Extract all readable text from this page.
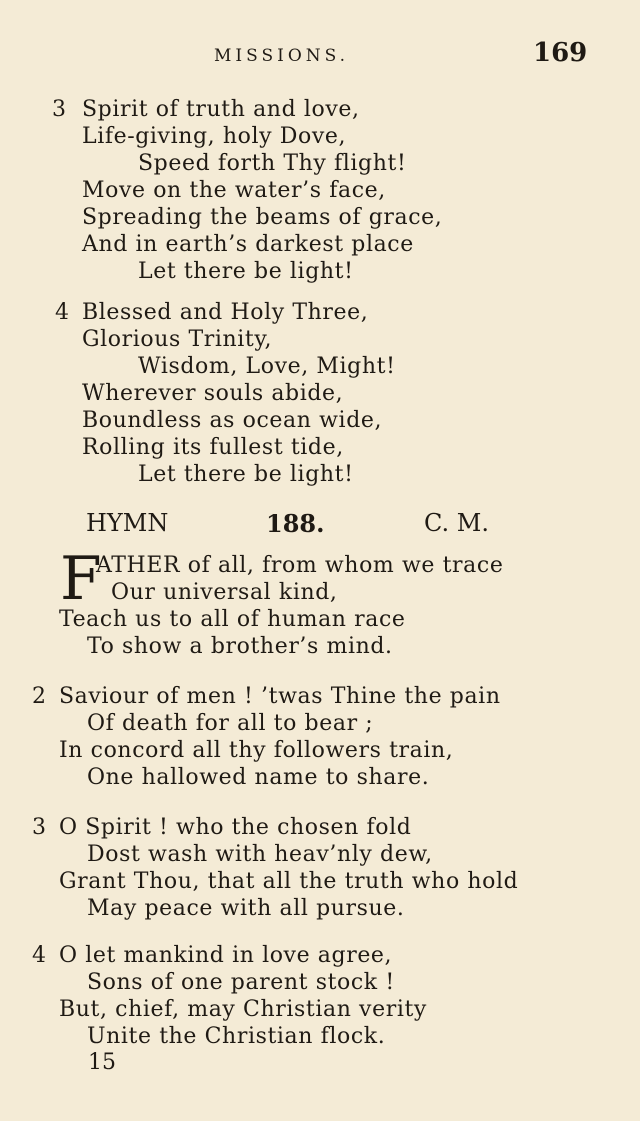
MISSIONS.	169
3 Spirit of truth and love,
Life-giving, holy Dove,
Speed forth Thy flight!
Move on the water’s face,
Spreading the beams of grace,
And in earth’s darkest place
Let there be light!
4 Blessed and Holy Three,
Glorious Trinity,
Wisdom, Love, Might!
Wherever souls abide,
Boundless as ocean wide,
Rolling its fullest tide,
Let there be light!
HYMN	188.	C. M.
F
ATHER of all, from whom we trace
Our universal kind,
Teach us to all of human race
To show a brother’s mind.
2 Saviour of men ! ’twas Thine the pain
Of death for all to bear ;
In concord all thy followers train,
One hallowed name to share.
3 O Spirit ! who the chosen fold
Dost wash with heav’nly dew,
Grant Thou, that all the truth who hold
May peace with all pursue.
4 O let mankind in love agree,
Sons of one parent stock !
But, chief, may Christian verity
Unite the Christian flock.
15
